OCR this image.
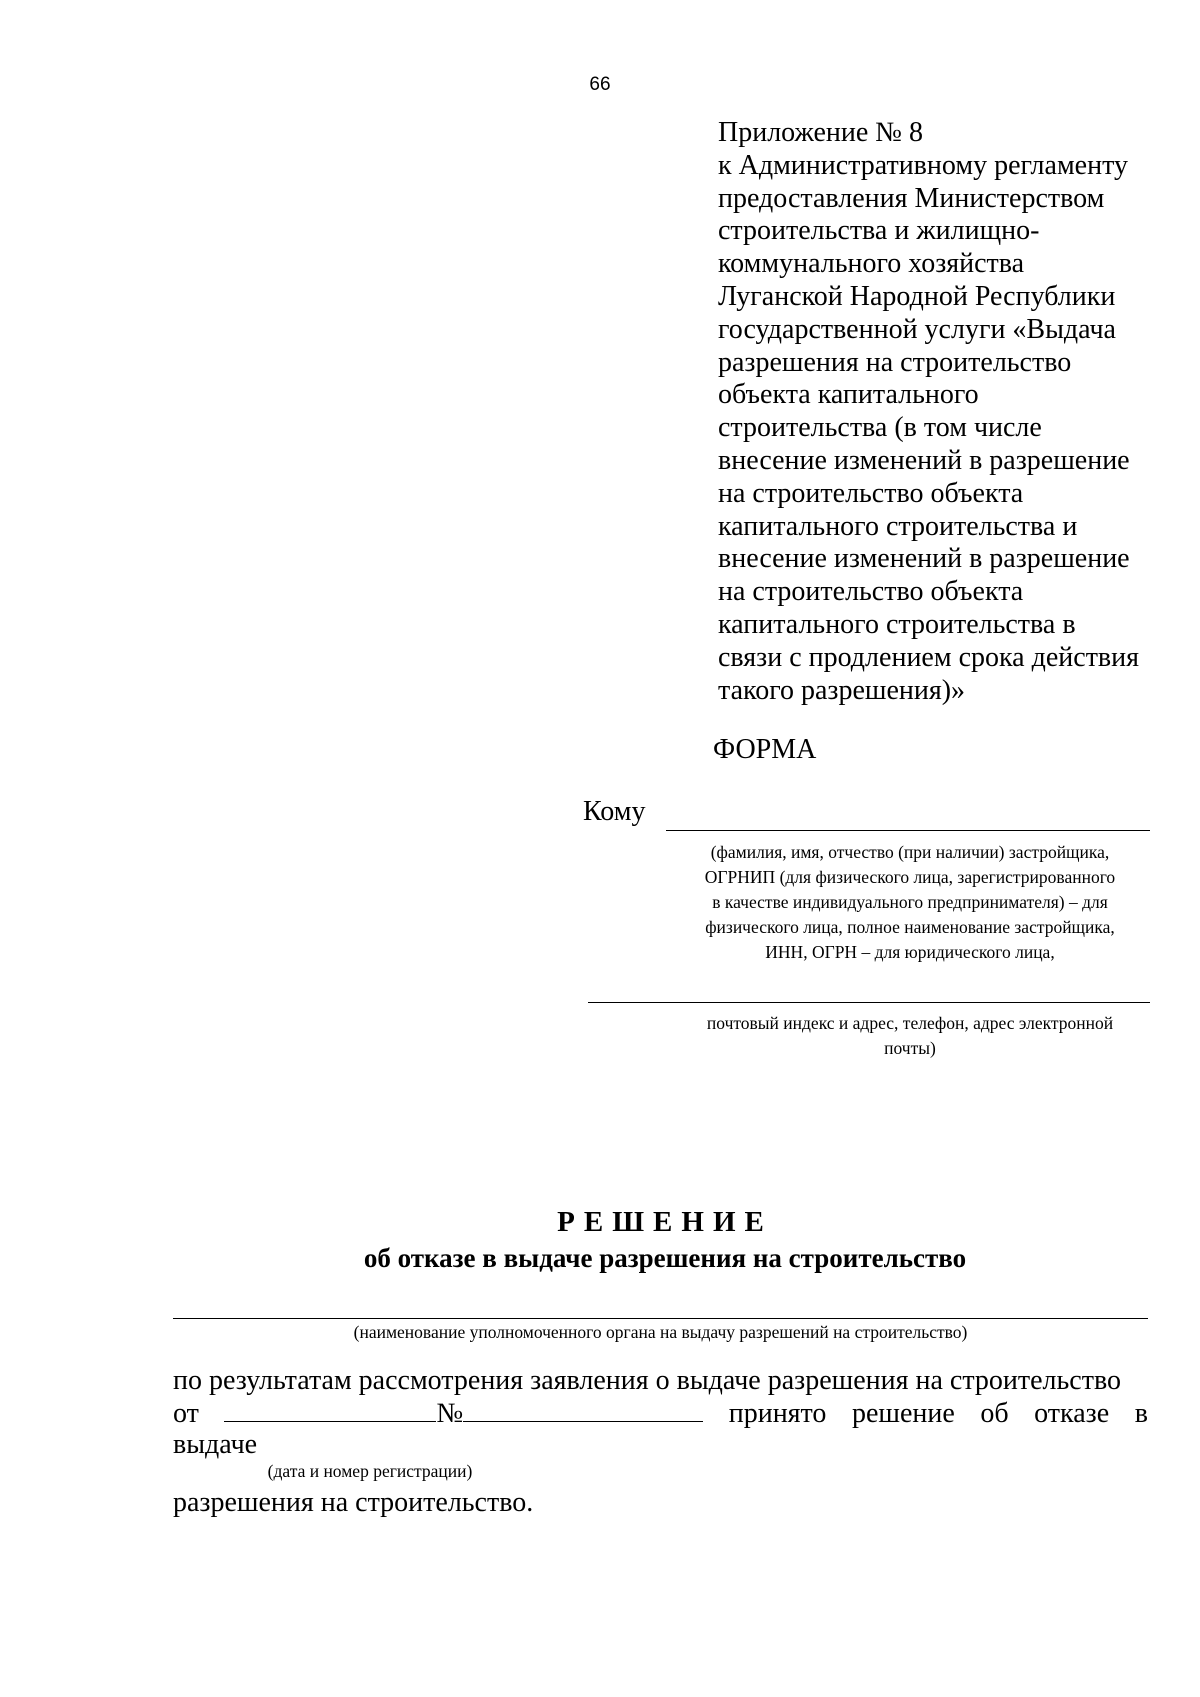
66
Приложение № 8
к Административному регламенту
предоставления Министерством
строительства и жилищно-
коммунального хозяйства
Луганской Народной Республики
государственной услуги «Выдача
разрешения на строительство
объекта капитального
строительства (в том числе
внесение изменений в разрешение
на строительство объекта
капитального строительства и
внесение изменений в разрешение
на строительство объекта
капитального строительства в
связи с продлением срока действия
такого разрешения)»
ФОРМА
Кому
(фамилия, имя, отчество (при наличии) застройщика,
ОГРНИП (для физического лица, зарегистрированного
в качестве индивидуального предпринимателя) – для
физического лица, полное наименование застройщика,
ИНН, ОГРН – для юридического лица,
почтовый индекс и адрес, телефон, адрес электронной
почты)
РЕШЕНИЕ
об отказе в выдаче разрешения на строительство
(наименование уполномоченного органа на выдачу разрешений на строительство)
по результатам рассмотрения заявления о выдаче разрешения на строительство
от	№	принято решение об отказе в
выдаче
(дата и номер регистрации)
разрешения на строительство.
